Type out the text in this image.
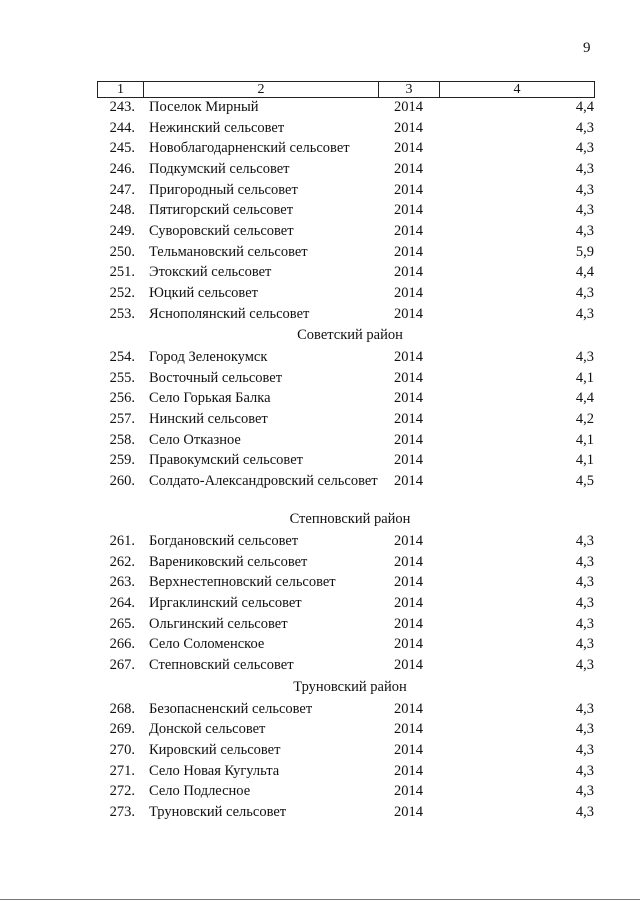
9
1	2	3	4
243. Поселок Мирный	2014	4,4
244. Нежинский сельсовет	2014	4,3
245. Новоблагодарненский сельсовет	2014	4,3
246. Подкумский сельсовет	2014	4,3
247. Пригородный сельсовет	2014	4,3
248. Пятигорский сельсовет	2014	4,3
249. Суворовский сельсовет	2014	4,3
250. Тельмановский сельсовет	2014	5,9
251. Этокский сельсовет	2014	4,4
252. Юцкий сельсовет	2014	4,3
253. Яснополянский сельсовет	2014	4,3
Советский район
254. Город Зеленокумск	2014	4,3
255. Восточный сельсовет	2014	4,1
256. Село Горькая Балка	2014	4,4
257. Нинский сельсовет	2014	4,2
258. Село Отказное	2014	4,1
259. Правокумский сельсовет	2014	4,1
260. Солдато-Александровский сельсовет 2014	4,5
Степновский район
261. Богдановский сельсовет	2014	4,3
262. Варениковский сельсовет	2014	4,3
263. Верхнестепновский сельсовет	2014	4,3
264. Иргаклинский сельсовет	2014	4,3
265. Ольгинский сельсовет	2014	4,3
266. Село Соломенское	2014	4,3
267. Степновский сельсовет	2014	4,3
Труновский район
268. Безопасненский сельсовет	2014	4,3
269. Донской сельсовет	2014	4,3
270. Кировский сельсовет	2014	4,3
271. Село Новая Кугульта	2014	4,3
272. Село Подлесное	2014	4,3
273. Труновский сельсовет	2014	4,3
